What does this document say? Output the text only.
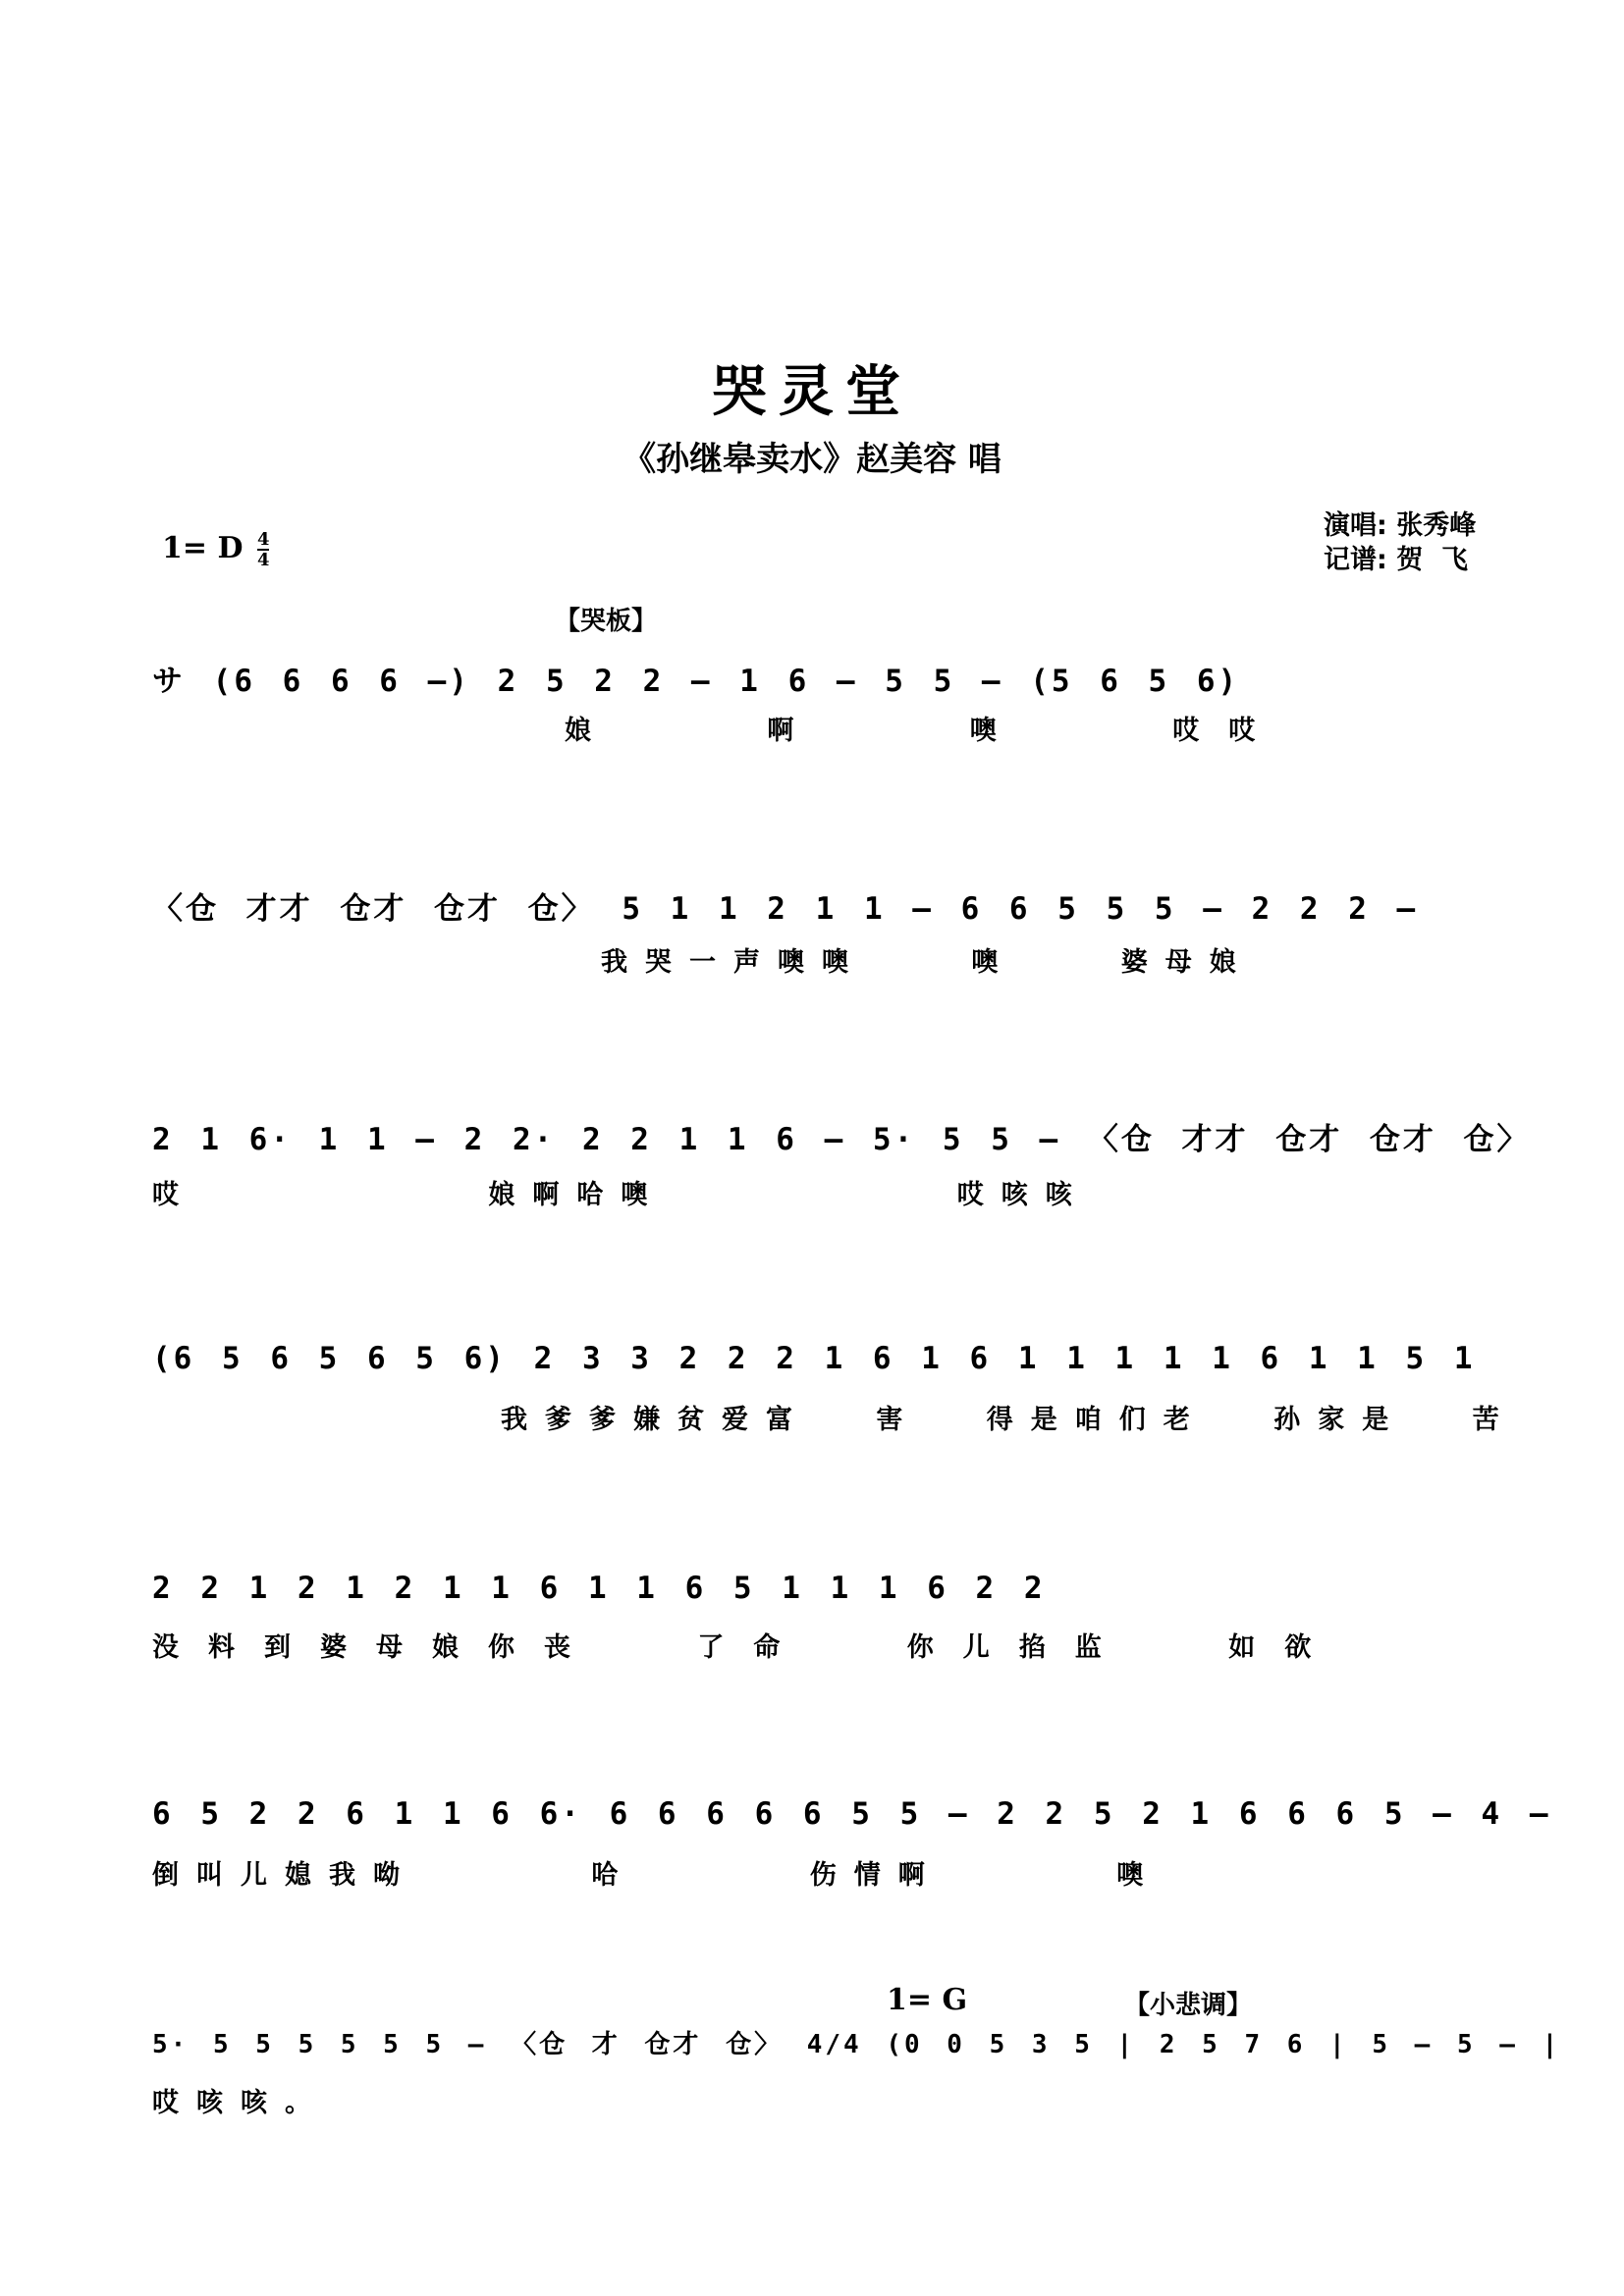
哭灵堂
《孙继皋卖水》赵美容 唱
1= D $\frac{4}{4}$
演唱: 张秀峰
记谱: 贺  飞
【哭板】
1= G	【小悲调】
サ (6 6 6 6 –) 2 5 2 2 – 1 6 – 5 5 – (5 6 5 6)
娘 啊 噢 哎哎
〈仓 才才 仓才 仓才 仓〉 5 1 1 2 1 1 – 6 6 5 5 5 – 2 2 2 –
我哭一声噢噢 噢 婆母娘
2 1 6· 1 1 – 2 2· 2 2 1 1 6 – 5· 5 5 – 〈仓 才才 仓才 仓才 仓〉
哎 娘啊哈噢 哎咳咳
(6 5 6 5 6 5 6) 2 3 3 2 2 2 1 6 1 6 1 1 1 1 1 6 1 1 5 1
我爹爹嫌贫爱富 害 得是咱们老 孙家是 苦
2 2 1 2 1 2 1 1 6 1 1 6 5 1 1 1 6 2 2
没料到婆母娘你丧 了命 你儿掐监 如欲
6 5 2 2 6 1 1 6 6· 6 6 6 6 6 5 5 – 2 2 5 2 1 6 6 6 5 – 4 –
倒叫儿媳我呦 哈 伤情啊 噢
5· 5 5 5 5 5 5 – 〈仓 才 仓才 仓〉 4/4 (0 0 5 3 5 | 2 5 7 6 | 5 – 5 – |
哎咳咳。
